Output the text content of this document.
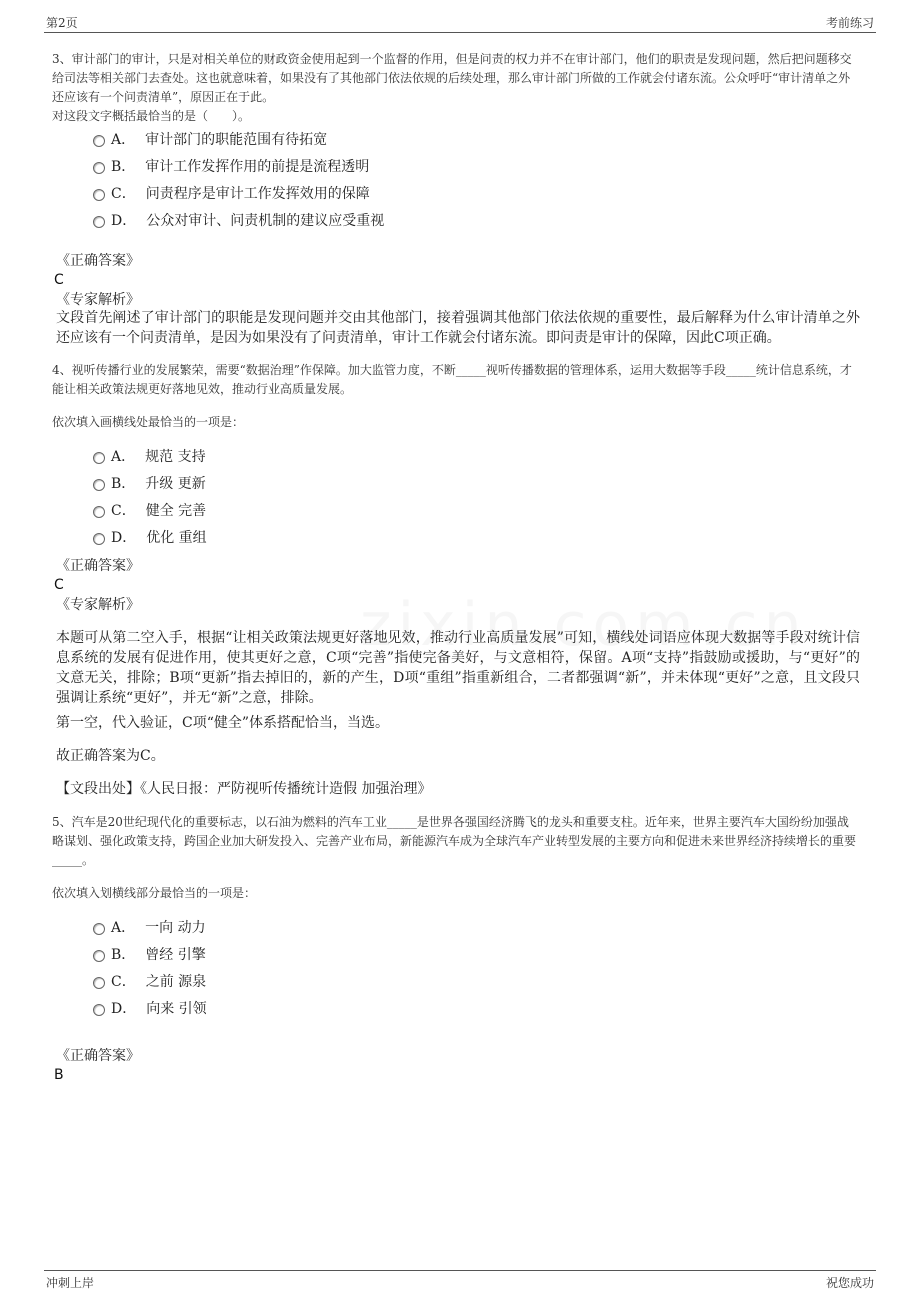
第2页	考前练习
3、审计部门的审计，只是对相关单位的财政资金使用起到一个监督的作用，但是问责的权力并不在审计部门，他们的职责是发现问题，然后把问题移交给司法等相关部门去查处。这也就意味着，如果没有了其他部门依法依规的后续处理，那么审计部门所做的工作就会付诸东流。公众呼吁“审计清单之外还应该有一个问责清单”，原因正在于此。
对这段文字概括最恰当的是（　　）。
A． 审计部门的职能范围有待拓宽
B． 审计工作发挥作用的前提是流程透明
C． 问责程序是审计工作发挥效用的保障
D． 公众对审计、问责机制的建议应受重视
《正确答案》
C
《专家解析》
文段首先阐述了审计部门的职能是发现问题并交由其他部门，接着强调其他部门依法依规的重要性，最后解释为什么审计清单之外还应该有一个问责清单，是因为如果没有了问责清单，审计工作就会付诸东流。即问责是审计的保障，因此C项正确。
4、视听传播行业的发展繁荣，需要“数据治理”作保障。加大监管力度，不断_____视听传播数据的管理体系，运用大数据等手段_____统计信息系统，才能让相关政策法规更好落地见效，推动行业高质量发展。
依次填入画横线处最恰当的一项是：
A． 规范 支持
B． 升级 更新
C． 健全 完善
D． 优化 重组
《正确答案》
C
《专家解析》
本题可从第二空入手，根据“让相关政策法规更好落地见效，推动行业高质量发展”可知，横线处词语应体现大数据等手段对统计信息系统的发展有促进作用，使其更好之意，C项“完善”指使完备美好，与文意相符，保留。A项“支持”指鼓励或援助，与“更好”的文意无关，排除；B项“更新”指去掉旧的，新的产生，D项“重组”指重新组合，二者都强调“新”，并未体现“更好”之意，且文段只强调让系统“更好”，并无“新”之意，排除。
第一空，代入验证，C项“健全”体系搭配恰当，当选。
故正确答案为C。
【文段出处】《人民日报：严防视听传播统计造假 加强治理》
5、汽车是20世纪现代化的重要标志，以石油为燃料的汽车工业_____是世界各强国经济腾飞的龙头和重要支柱。近年来，世界主要汽车大国纷纷加强战略谋划、强化政策支持，跨国企业加大研发投入、完善产业布局，新能源汽车成为全球汽车产业转型发展的主要方向和促进未来世界经济持续增长的重要_____。
依次填入划横线部分最恰当的一项是：
A． 一向 动力
B． 曾经 引擎
C． 之前 源泉
D． 向来 引领
《正确答案》
B
冲刺上岸	祝您成功
